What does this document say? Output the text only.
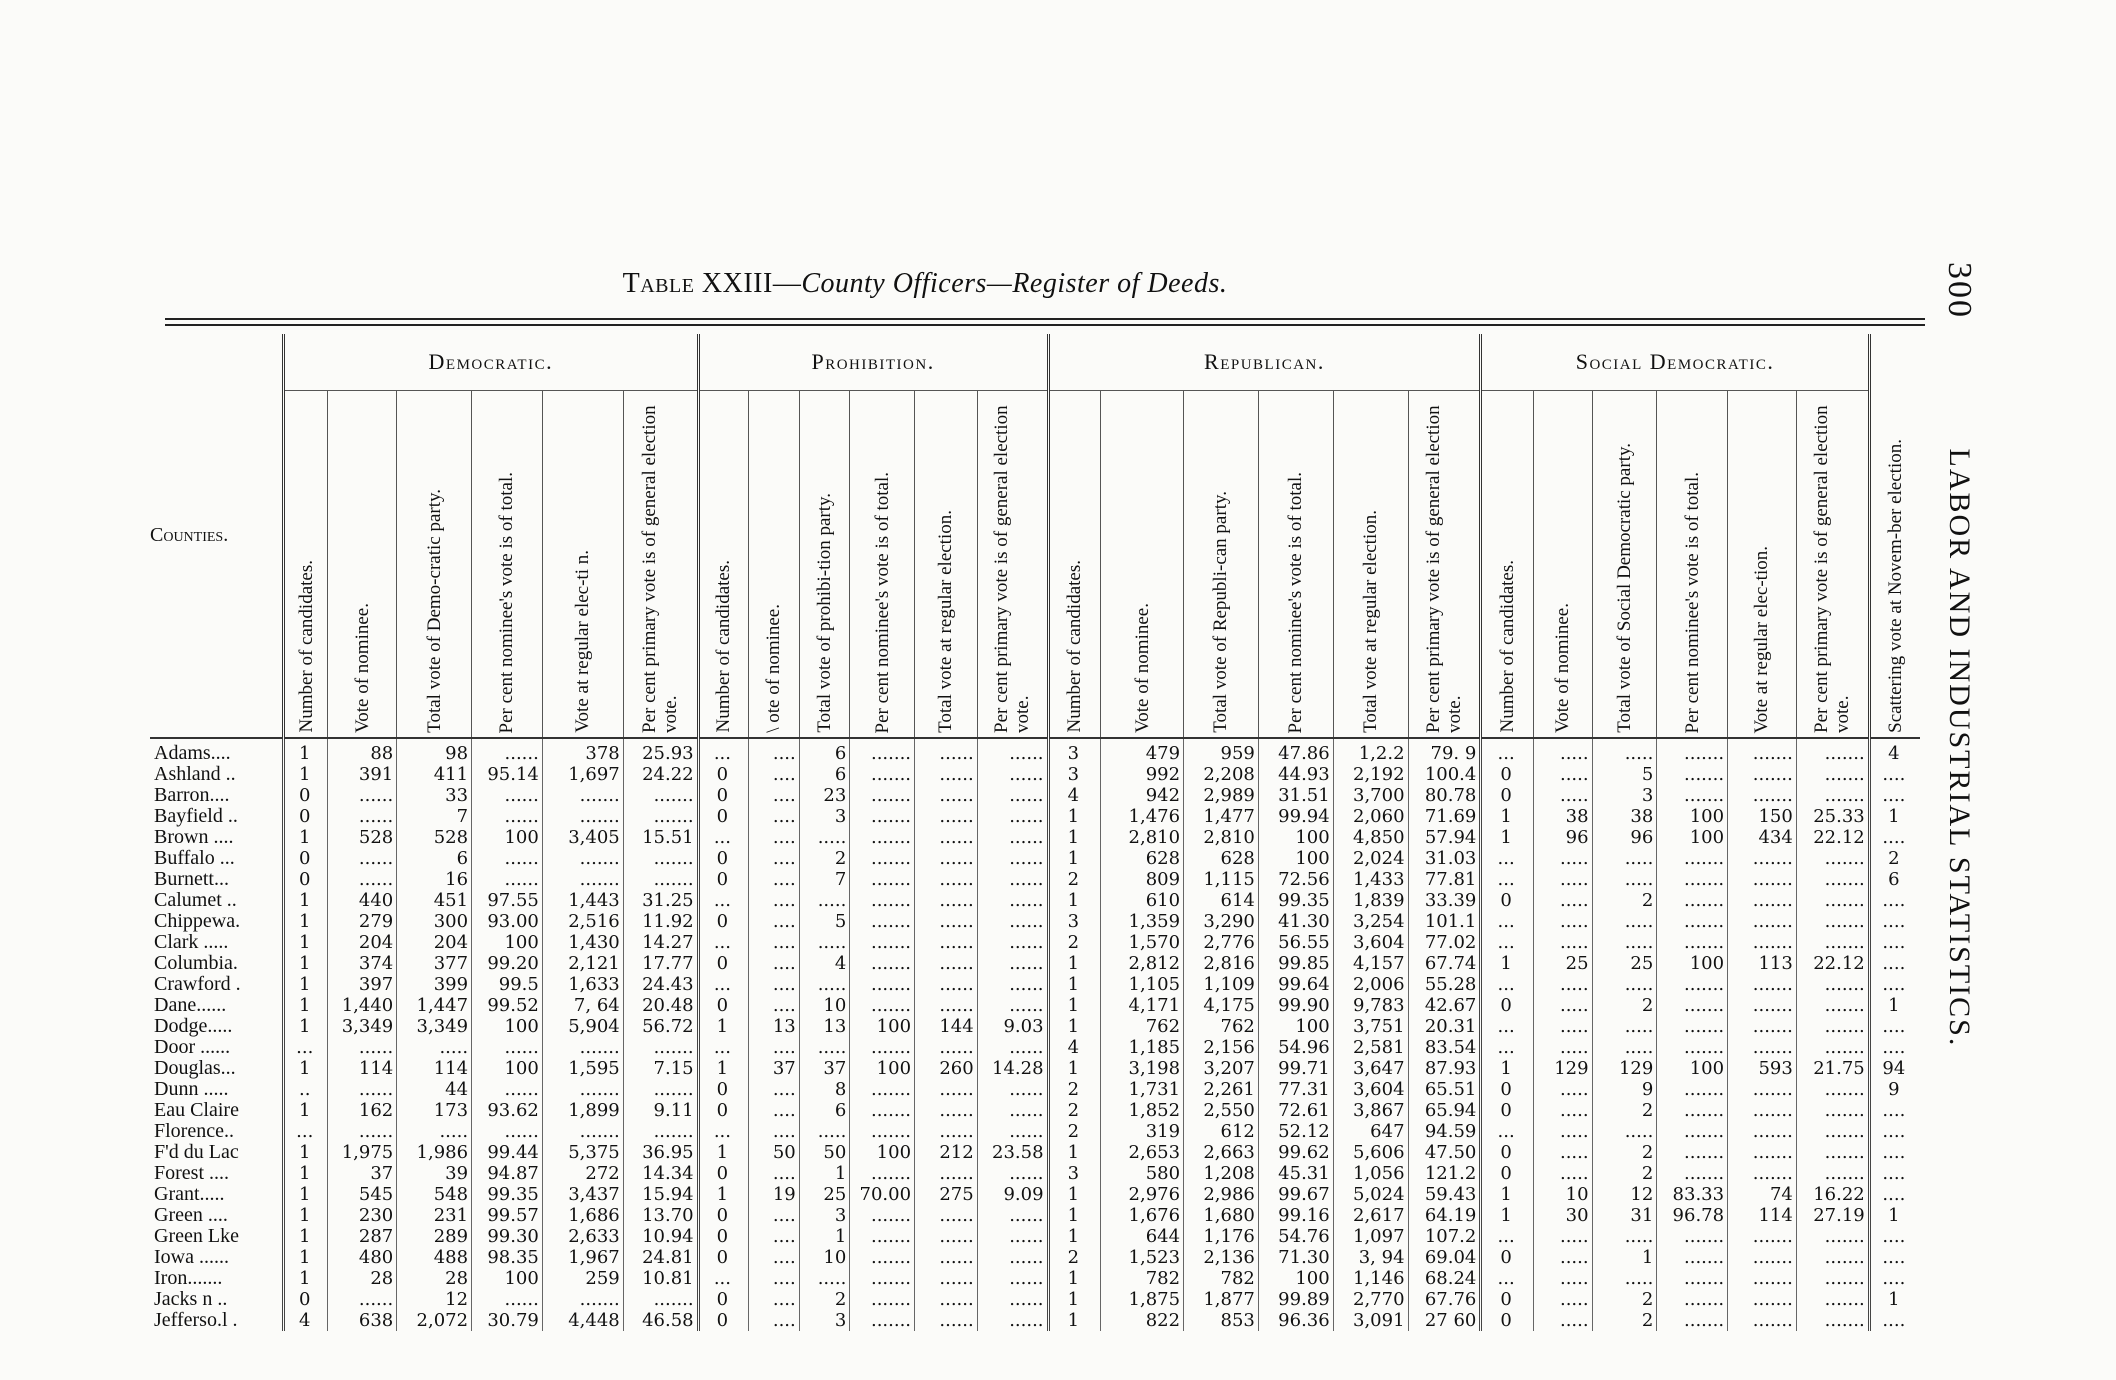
Table XXIII—County Officers—Register of Deeds.	300 LABOR AND INDUSTRIAL STATISTICS.
Counties.	Democratic.						Prohibition.						Republican.						Social Democratic.						

	Number of candidates.	Vote of nominee.	Total vote of Demo-cratic party.	Per cent nominee's vote is of total.	Vote at regular elec-ti n.	Per cent primary vote is of general election vote.	Number of candidates.	\ ote of nominee.	Total vote of prohibi-tion party.	Per cent nominee's vote is of total.	Total vote at regular election.	Per cent primary vote is of general election vote.	Number of candidates.	Vote of nominee.	Total vote of Republi-can party.	Per cent nominee's vote is of total.	Total vote at regular election.	Per cent primary vote is of general election vote.	Number of candidates.	Vote of nominee.	Total vote of Social Democratic party.	Per cent nominee's vote is of total.	Vote at regular elec-tion.	Per cent primary vote is of general election vote.	Scattering vote at Novem-ber election.

Adams....	1	88	98	......	378	25.93	...	....	6	.......	......	......	3	479	959	47.86	1,2.2	79. 9	...	.....	.....	.......	.......	.......	4
Ashland ..	1	391	411	95.14	1,697	24.22	0	....	6	.......	......	......	3	992	2,208	44.93	2,192	100.4	0	.....	5	.......	.......	.......	....
Barron....	0	......	33	......	.......	.......	0	....	23	.......	......	......	4	942	2,989	31.51	3,700	80.78	0	.....	3	.......	.......	.......	....
Bayfield ..	0	......	7	......	.......	.......	0	....	3	.......	......	......	1	1,476	1,477	99.94	2,060	71.69	1	38	38	100	150	25.33	1
Brown ....	1	528	528	100	3,405	15.51	...	....	.....	.......	......	......	1	2,810	2,810	100	4,850	57.94	1	96	96	100	434	22.12	....
Buffalo ...	0	......	6	......	.......	.......	0	....	2	.......	......	......	1	628	628	100	2,024	31.03	...	.....	.....	.......	.......	.......	2
Burnett...	0	......	16	......	.......	.......	0	....	7	.......	......	......	2	809	1,115	72.56	1,433	77.81	...	.....	.....	.......	.......	.......	6
Calumet ..	1	440	451	97.55	1,443	31.25	...	....	.....	.......	......	......	1	610	614	99.35	1,839	33.39	0	.....	2	.......	.......	.......	....
Chippewa.	1	279	300	93.00	2,516	11.92	0	....	5	.......	......	......	3	1,359	3,290	41.30	3,254	101.1	...	.....	.....	.......	.......	.......	....
Clark .....	1	204	204	100	1,430	14.27	...	....	.....	.......	......	......	2	1,570	2,776	56.55	3,604	77.02	...	.....	.....	.......	.......	.......	....
Columbia.	1	374	377	99.20	2,121	17.77	0	....	4	.......	......	......	1	2,812	2,816	99.85	4,157	67.74	1	25	25	100	113	22.12	....
Crawford .	1	397	399	99.5	1,633	24.43	...	....	.....	.......	......	......	1	1,105	1,109	99.64	2,006	55.28	...	.....	.....	.......	.......	.......	....
Dane......	1	1,440	1,447	99.52	7, 64	20.48	0	....	10	.......	......	......	1	4,171	4,175	99.90	9,783	42.67	0	.....	2	.......	.......	.......	1
Dodge.....	1	3,349	3,349	100	5,904	56.72	1	13	13	100	144	9.03	1	762	762	100	3,751	20.31	...	.....	.....	.......	.......	.......	....
Door ......	...	......	.....	......	.......	.......	...	....	.....	.......	......	......	4	1,185	2,156	54.96	2,581	83.54	...	.....	.....	.......	.......	.......	....
Douglas...	1	114	114	100	1,595	7.15	1	37	37	100	260	14.28	1	3,198	3,207	99.71	3,647	87.93	1	129	129	100	593	21.75	94
Dunn .....	..	......	44	......	.......	.......	0	....	8	.......	......	......	2	1,731	2,261	77.31	3,604	65.51	0	.....	9	.......	.......	.......	9
Eau Claire	1	162	173	93.62	1,899	9.11	0	....	6	.......	......	......	2	1,852	2,550	72.61	3,867	65.94	0	.....	2	.......	.......	.......	....
Florence..	...	......	.....	......	.......	.......	...	....	.....	.......	......	......	2	319	612	52.12	647	94.59	...	.....	.....	.......	.......	.......	....
F'd du Lac	1	1,975	1,986	99.44	5,375	36.95	1	50	50	100	212	23.58	1	2,653	2,663	99.62	5,606	47.50	0	.....	2	.......	.......	.......	....
Forest ....	1	37	39	94.87	272	14.34	0	....	1	.......	......	......	3	580	1,208	45.31	1,056	121.2	0	.....	2	.......	.......	.......	....
Grant.....	1	545	548	99.35	3,437	15.94	1	19	25	70.00	275	9.09	1	2,976	2,986	99.67	5,024	59.43	1	10	12	83.33	74	16.22	....
Green ....	1	230	231	99.57	1,686	13.70	0	....	3	.......	......	......	1	1,676	1,680	99.16	2,617	64.19	1	30	31	96.78	114	27.19	1
Green Lke	1	287	289	99.30	2,633	10.94	0	....	1	.......	......	......	1	644	1,176	54.76	1,097	107.2	...	.....	.....	.......	.......	.......	....
Iowa ......	1	480	488	98.35	1,967	24.81	0	....	10	.......	......	......	2	1,523	2,136	71.30	3, 94	69.04	0	.....	1	.......	.......	.......	....
Iron.......	1	28	28	100	259	10.81	...	....	.....	.......	......	......	1	782	782	100	1,146	68.24	...	.....	.....	.......	.......	.......	....
Jacks n ..	0	......	12	......	.......	.......	0	....	2	.......	......	......	1	1,875	1,877	99.89	2,770	67.76	0	.....	2	.......	.......	.......	1
Jefferso.l .	4	638	2,072	30.79	4,448	46.58	0	....	3	.......	......	......	1	822	853	96.36	3,091	27 60	0	.....	2	.......	.......	.......	....
